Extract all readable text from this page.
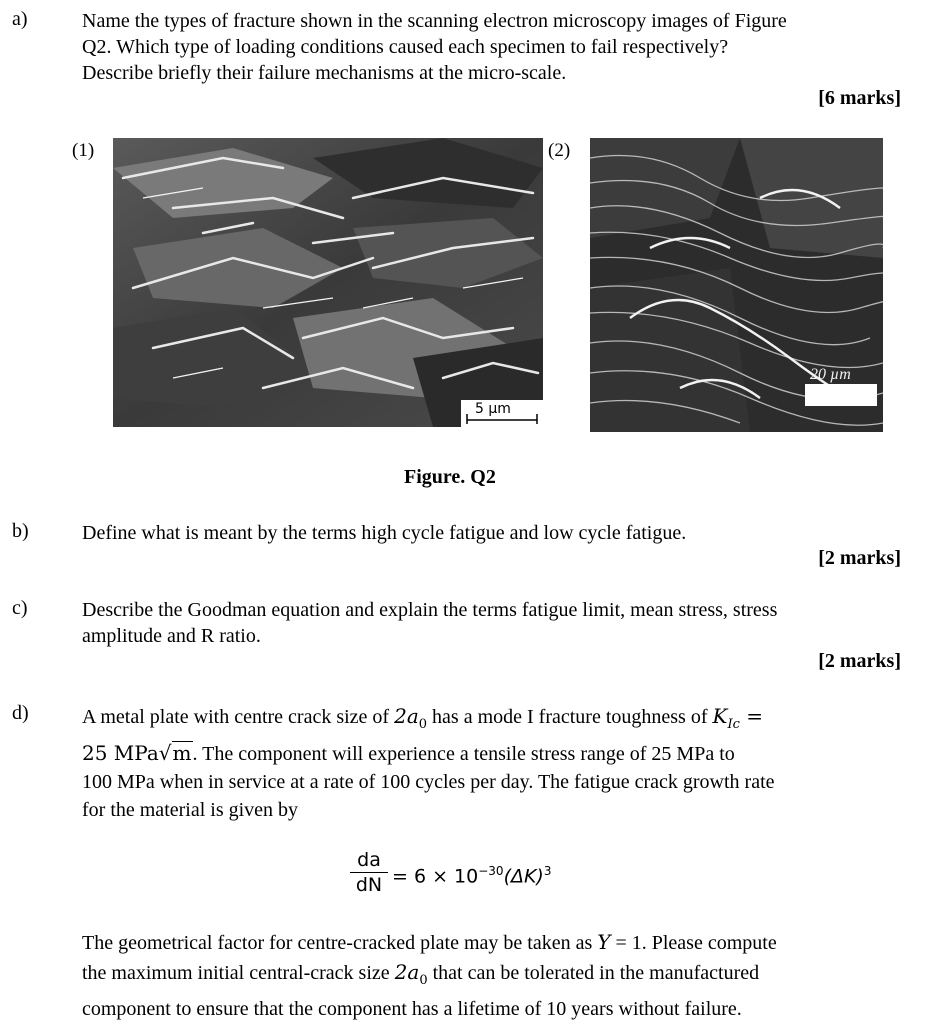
a)	Name the types of fracture shown in the scanning electron microscopy images of Figure
Q2. Which type of loading conditions caused each specimen to fail respectively?
Describe briefly their failure mechanisms at the micro-scale.
[6 marks]
(1)
5 µm
(2)
20 µm
Figure. Q2
b)	Define what is meant by the terms high cycle fatigue and low cycle fatigue.
[2 marks]
c)	Describe the Goodman equation and explain the terms fatigue limit, mean stress, stress
amplitude and R ratio.
[2 marks]
d)	A metal plate with centre crack size of $2a_0$ has a mode I fracture toughness of $K_{Ic}$ =
25 MPa√m. The component will experience a tensile stress range of 25 MPa to
100 MPa when in service at a rate of 100 cycles per day. The fatigue crack growth rate
for the material is given by
da
dN = $6 \times 10^{-30}(\Delta K)^3$
The geometrical factor for centre-cracked plate may be taken as Y = 1. Please compute
the maximum initial central-crack size $2a_0$ that can be tolerated in the manufactured
component to ensure that the component has a lifetime of 10 years without failure.
